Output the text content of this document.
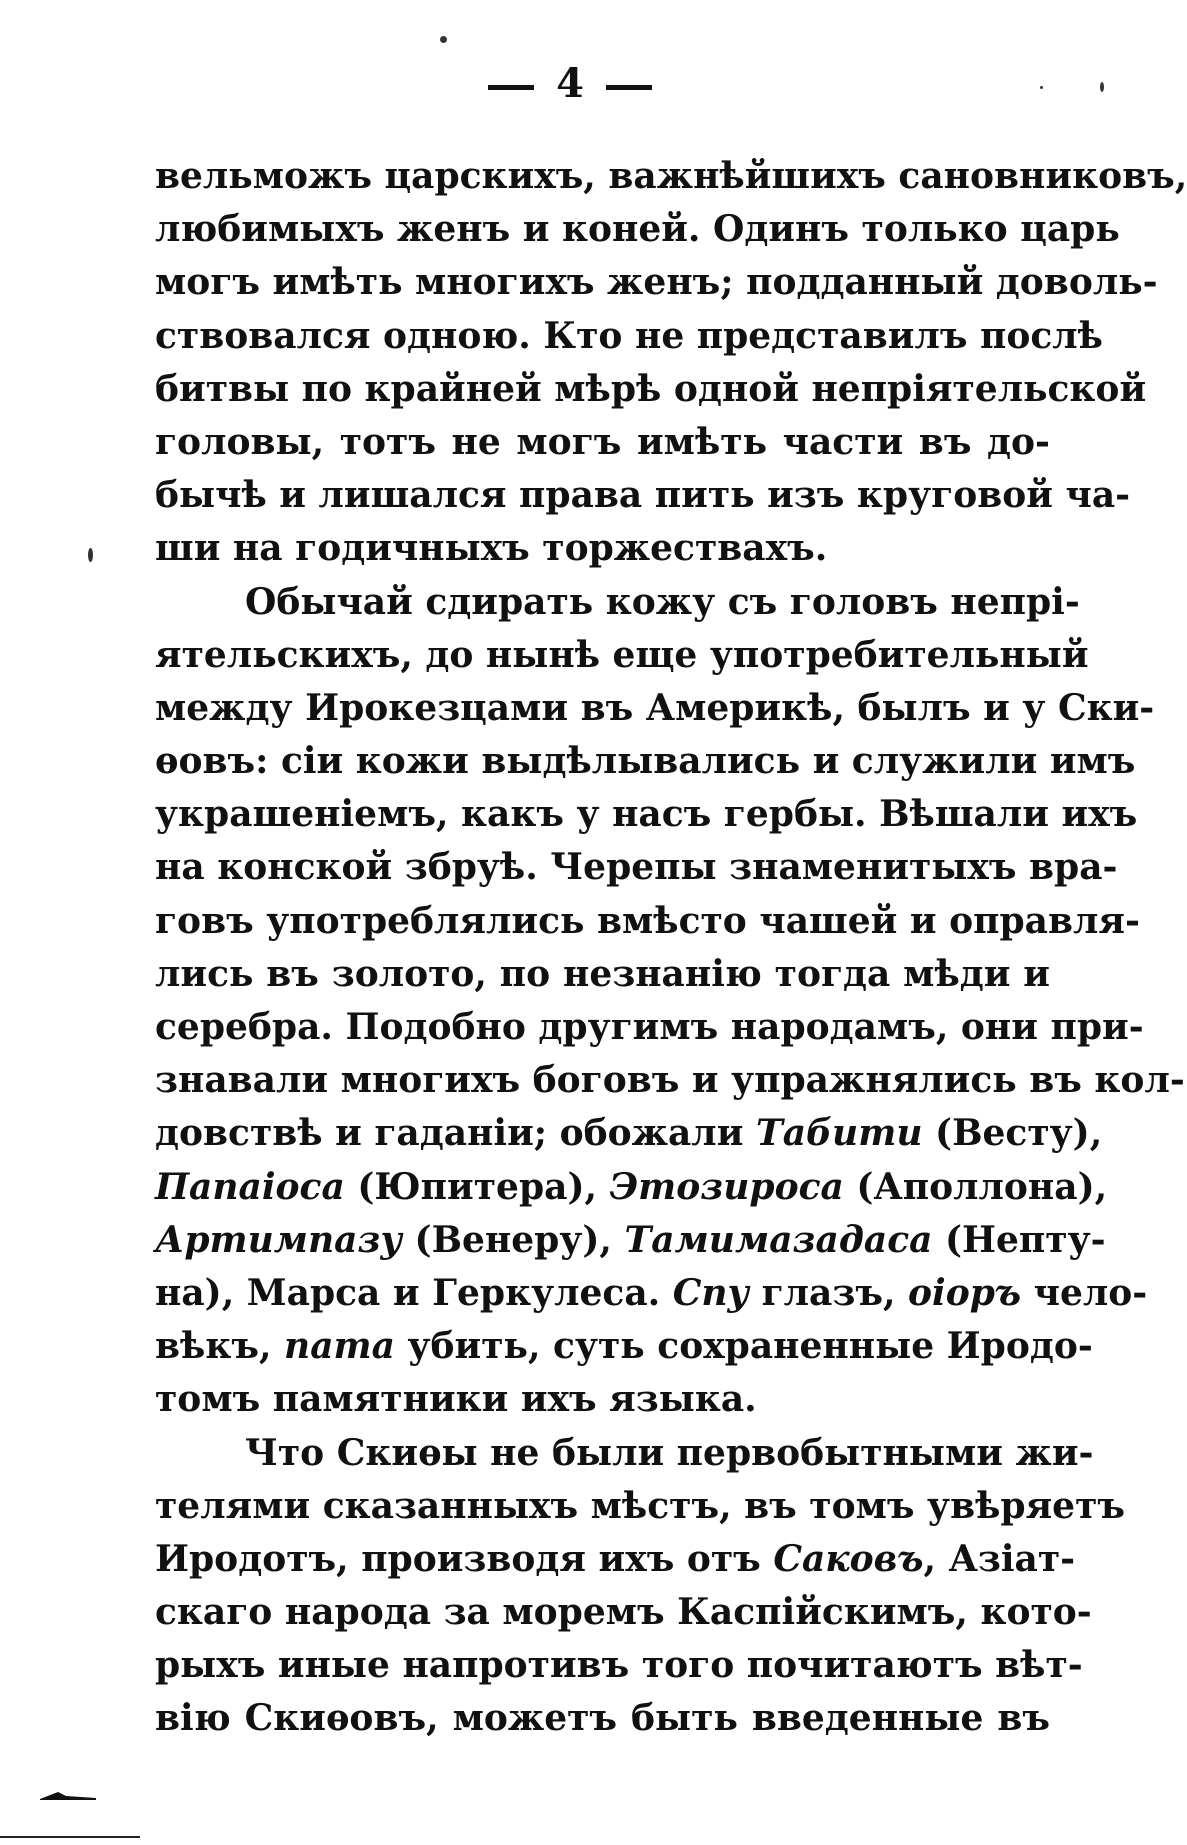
4
вельможъ царскихъ, важнѣйшихъ сановниковъ,
любимыхъ женъ и коней. Одинъ только царь
могъ имѣть многихъ женъ; подданный доволь-
ствовался одною. Кто не представилъ послѣ
битвы по крайней мѣрѣ одной непріятельской
головы, тотъ не могъ имѣть части въ до-
бычѣ и лишался права пить изъ круговой ча-
ши на годичныхъ торжествахъ.
Обычай сдирать кожу съ головъ непрі-
ятельскихъ, до нынѣ еще употребительный
между Ирокезцами въ Америкѣ, былъ и у Ски-
ѳовъ: сіи кожи выдѣлывались и служили имъ
украшеніемъ, какъ у насъ гербы. Вѣшали ихъ
на конской збруѣ. Черепы знаменитыхъ вра-
говъ употреблялись вмѣсто чашей и оправля-
лись въ золото, по незнанію тогда мѣди и
серебра. Подобно другимъ народамъ, они при-
знавали многихъ боговъ и упражнялись въ кол-
довствѣ и гаданіи; обожали Табити (Весту),
Папаіоса (Юпитера), Этозироса (Аполлона),
Артимпазу (Венеру), Тамимазадаса (Непту-
на), Марса и Геркулеса. Спу глазъ, оіоръ чело-
вѣкъ, пата убить, суть сохраненные Иродо-
томъ памятники ихъ языка.
Что Скиѳы не были первобытными жи-
телями сказанныхъ мѣстъ, въ томъ увѣряетъ
Иродотъ, производя ихъ отъ Саковъ, Азіат-
скаго народа за моремъ Каспійскимъ, кото-
рыхъ иные напротивъ того почитаютъ вѣт-
вію Скиѳовъ, можетъ быть введенные въ
